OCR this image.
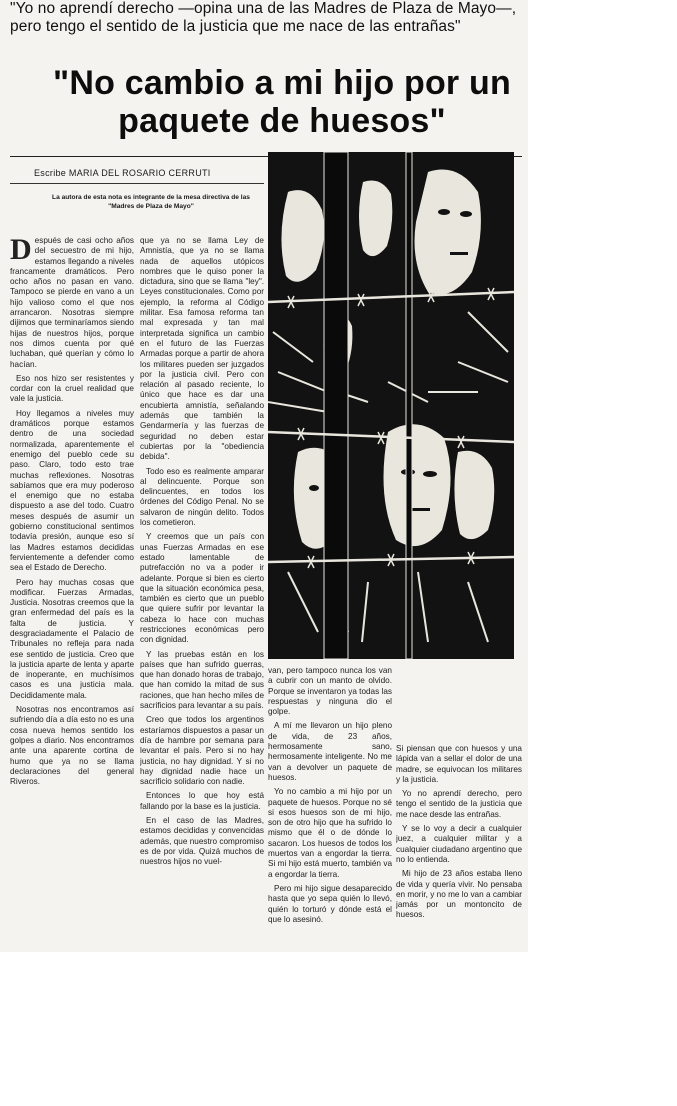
"Yo no aprendí derecho —opina una de las Madres de Plaza de Mayo—, pero tengo el sentido de la justicia que me nace de las entrañas"
"No cambio a mi hijo por un paquete de huesos"
Escribe MARIA DEL ROSARIO CERRUTI
La autora de esta nota es integrante de la mesa directiva de las "Madres de Plaza de Mayo"

Después de casi ocho años del secuestro de mi hijo, estamos llegando a niveles francamente dramáticos. Pero ocho años no pasan en vano. Tampoco se pierde en vano a un hijo valioso como el que nos arrancaron. Nosotras siempre dijimos que terminaríamos siendo hijas de nuestros hijos, porque nos dimos cuenta por qué luchaban, qué querían y cómo lo hacían.

Eso nos hizo ser resistentes y cordar con la cruel realidad que vale la justicia.

Hoy llegamos a niveles muy dramáticos porque estamos dentro de una sociedad normalizada, aparentemente el enemigo del pueblo cede su paso. Claro, todo esto trae muchas reflexiones. Nosotras sabíamos que era muy poderoso el enemigo que no estaba dispuesto a ase del todo. Cuatro meses después de asumir un gobierno constitucional sentimos todavía presión, aunque eso sí las Madres estamos decididas fervientemente a defender como sea el Estado de Derecho.

Pero hay muchas cosas que modificar. Fuerzas Armadas, Justicia. Nosotras creemos que la gran enfermedad del país es la falta de justicia. Y desgraciadamente el Palacio de Tribunales no refleja para nada ese sentido de justicia. Creo que la justicia aparte de lenta y aparte de inoperante, en muchísimos casos es una justicia mala. Decididamente mala.

Nosotras nos encontramos así sufriendo día a día esto no es una cosa nueva hemos sentido los golpes a diario. Nos encontramos ante una aparente cortina de humo que ya no se llama declaraciones del general Riveros.

que ya no se llama Ley de Amnistía, que ya no se llama nada de aquellos utópicos nombres que le quiso poner la dictadura, sino que se llama "ley". Leyes constitucionales. Como por ejemplo, la reforma al Código militar. Esa famosa reforma tan mal expresada y tan mal interpretada significa un cambio en el futuro de las Fuerzas Armadas porque a partir de ahora los militares pueden ser juzgados por la justicia civil. Pero con relación al pasado reciente, lo único que hace es dar una encubierta amnistía, señalando además que también la Gendarmería y las fuerzas de seguridad no deben estar cubiertas por la "obediencia debida".

Todo eso es realmente amparar al delincuente. Porque son delincuentes, en todos los órdenes del Código Penal. No se salvaron de ningún delito. Todos los cometieron.

Y creemos que un país con unas Fuerzas Armadas en ese estado lamentable de putrefacción no va a poder ir adelante. Porque si bien es cierto que la situación económica pesa, también es cierto que un pueblo que quiere sufrir por levantar la cabeza lo hace con muchas restricciones económicas pero con dignidad.

Y las pruebas están en los países que han sufrido guerras, que han donado horas de trabajo, que han comido la mitad de sus raciones, que han hecho miles de sacrificios para levantar a su país.

Creo que todos los argentinos estaríamos dispuestos a pasar un día de hambre por semana para levantar el país. Pero si no hay justicia, no hay dignidad. Y si no hay dignidad nadie hace un sacrificio solidario con nadie.

Entonces lo que hoy está fallando por la base es la justicia.

En el caso de las Madres, estamos decididas y convencidas además, que nuestro compromiso es de por vida. Quizá muchos de nuestros hijos no vuel-

van, pero tampoco nunca los van a cubrir con un manto de olvido. Porque se inventaron ya todas las respuestas y ninguna dio el golpe.

A mí me llevaron un hijo pleno de vida, de 23 años, hermosamente sano, hermosamente inteligente. No me van a devolver un paquete de huesos.

Yo no cambio a mi hijo por un paquete de huesos. Porque no sé si esos huesos son de mi hijo, son de otro hijo que ha sufrido lo mismo que él o de dónde lo sacaron. Los huesos de todos los muertos van a engordar la tierra. Si mi hijo está muerto, también va a engordar la tierra.

Pero mi hijo sigue desaparecido hasta que yo sepa quién lo llevó, quién lo torturó y dónde está el que lo asesinó.

Si piensan que con huesos y una lápida van a sellar el dolor de una madre, se equivocan los militares y la justicia.

Yo no aprendí derecho, pero tengo el sentido de la justicia que me nace desde las entrañas.

Y se lo voy a decir a cualquier juez, a cualquier militar y a cualquier ciudadano argentino que no lo entienda.

Mi hijo de 23 años estaba lleno de vida y quería vivir. No pensaba en morir, y no me lo van a cambiar jamás por un montoncito de huesos.
